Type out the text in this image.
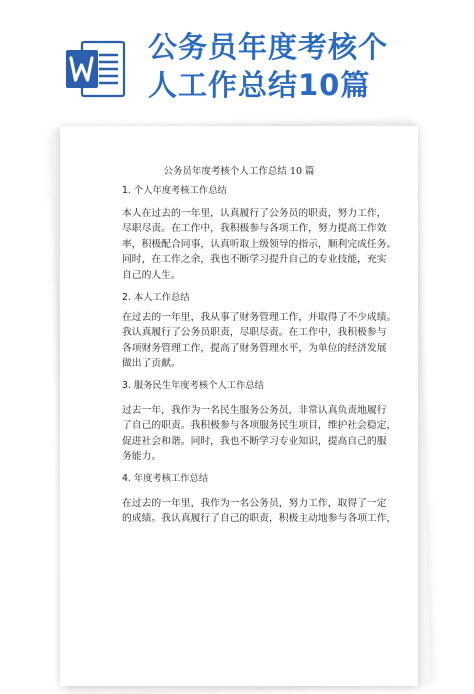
公务员年度考核个
人工作总结10篇
公务员年度考核个人工作总结 10 篇
1. 个人年度考核工作总结
本人在过去的一年里，认真履行了公务员的职责，努力工作，
尽职尽责。在工作中，我积极参与各项工作，努力提高工作效
率，积极配合同事，认真听取上级领导的指示，顺利完成任务。
同时，在工作之余，我也不断学习提升自己的专业技能，充实
自己的人生。
2. 本人工作总结
在过去的一年里，我从事了财务管理工作，并取得了不少成绩。
我认真履行了公务员职责，尽职尽责。在工作中，我积极参与
各项财务管理工作，提高了财务管理水平，为单位的经济发展
做出了贡献。
3. 服务民生年度考核个人工作总结
过去一年，我作为一名民生服务公务员，非常认真负责地履行
了自己的职责。我积极参与各项服务民生项目，维护社会稳定，
促进社会和谐。同时，我也不断学习专业知识，提高自己的服
务能力。
4. 年度考核工作总结
在过去的一年里，我作为一名公务员，努力工作，取得了一定
的成绩。我认真履行了自己的职责，积极主动地参与各项工作，
